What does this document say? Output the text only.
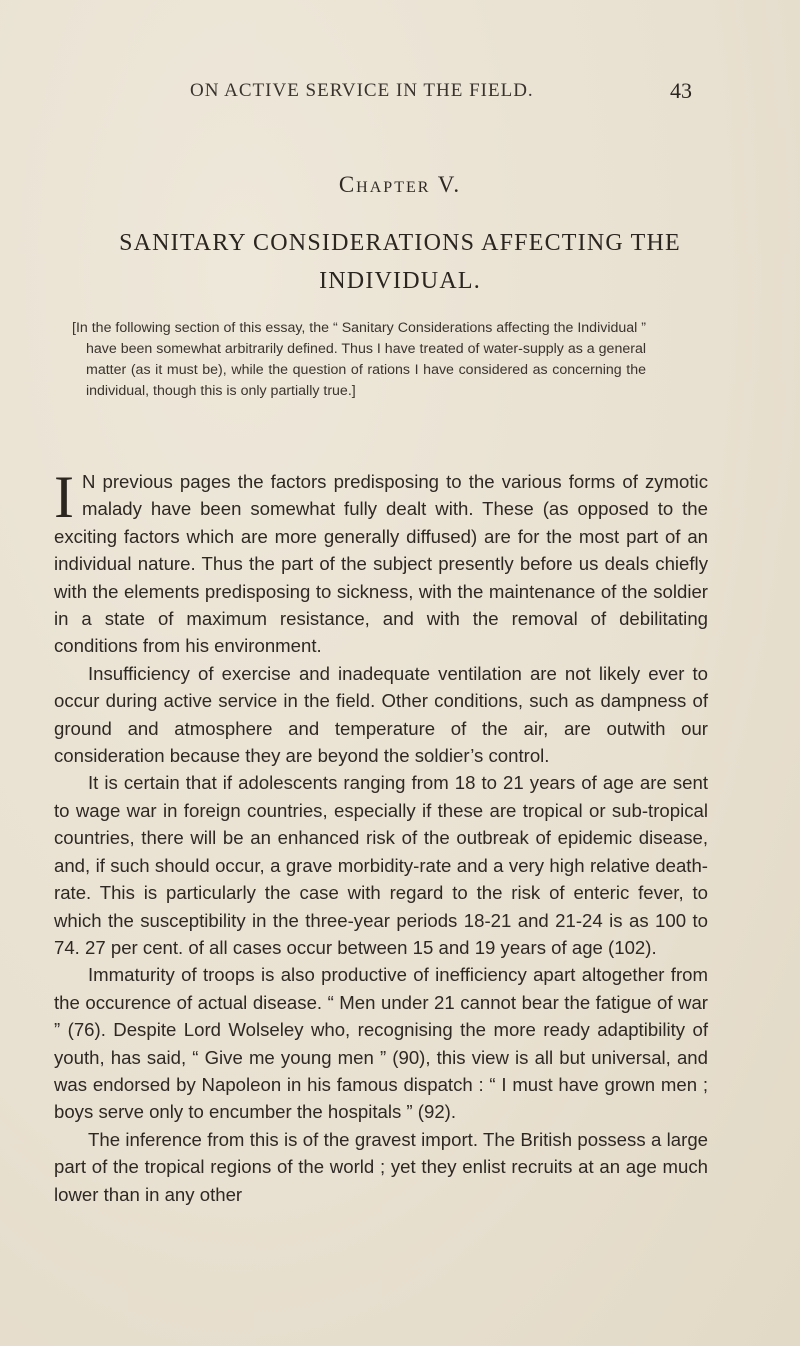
ON ACTIVE SERVICE IN THE FIELD.	43
Chapter V.
SANITARY CONSIDERATIONS AFFECTING THE INDIVIDUAL.
[In the following section of this essay, the “ Sanitary Considerations affecting the Individual ” have been somewhat arbitrarily defined. Thus I have treated of water-supply as a general matter (as it must be), while the question of rations I have considered as concerning the individual, though this is only partially true.]

I N previous pages the factors predisposing to the various forms of zymotic malady have been somewhat fully dealt with. These (as opposed to the exciting factors which are more generally diffused) are for the most part of an individual nature. Thus the part of the subject presently before us deals chiefly with the elements predisposing to sickness, with the maintenance of the soldier in a state of maximum resistance, and with the removal of debilitating conditions from his environment.

Insufficiency of exercise and inadequate ventilation are not likely ever to occur during active service in the field. Other conditions, such as dampness of ground and atmosphere and temperature of the air, are outwith our consideration because they are beyond the soldier’s control.

It is certain that if adolescents ranging from 18 to 21 years of age are sent to wage war in foreign countries, especially if these are tropical or sub-tropical countries, there will be an enhanced risk of the outbreak of epidemic disease, and, if such should occur, a grave morbidity-rate and a very high relative death-rate. This is particularly the case with regard to the risk of enteric fever, to which the susceptibility in the three-year periods 18-21 and 21-24 is as 100 to 74. 27 per cent. of all cases occur between 15 and 19 years of age (102).

Immaturity of troops is also productive of inefficiency apart altogether from the occurence of actual disease. “ Men under 21 cannot bear the fatigue of war ” (76). Despite Lord Wolseley who, recognising the more ready adaptibility of youth, has said, “ Give me young men ” (90), this view is all but universal, and was endorsed by Napoleon in his famous dispatch : “ I must have grown men ; boys serve only to encumber the hospitals ” (92).

The inference from this is of the gravest import. The British possess a large part of the tropical regions of the world ; yet they enlist recruits at an age much lower than in any other
